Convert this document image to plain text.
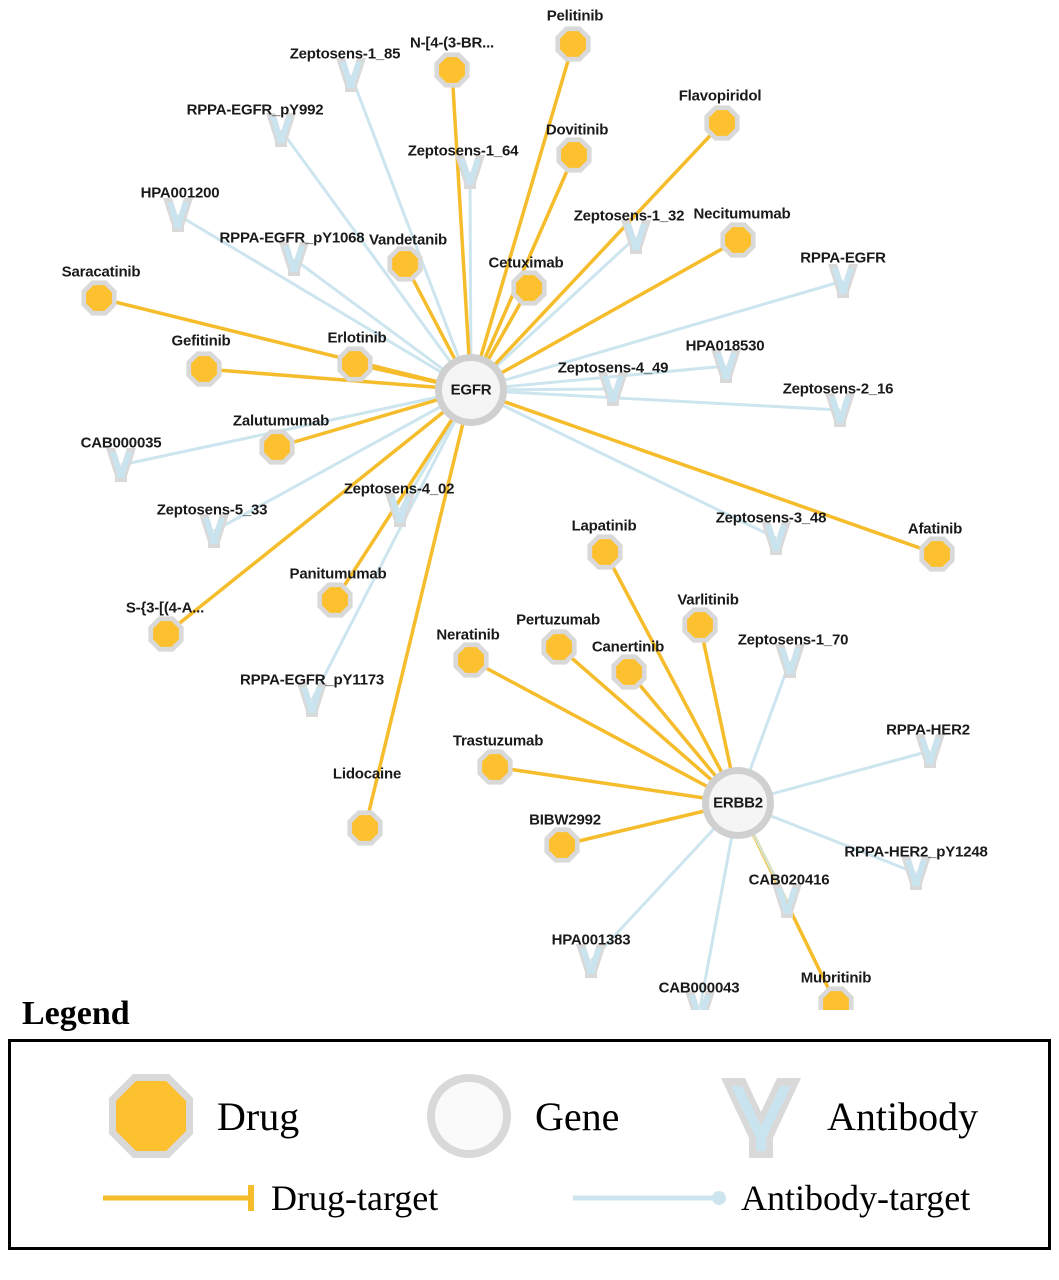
Zeptosens-1_85
RPPA-EGFR_pY992
Zeptosens-1_64
HPA001200
Zeptosens-1_32
RPPA-EGFR_pY1068
RPPA-EGFR
HPA018530
Zeptosens-4_49
Zeptosens-2_16
CAB000035
Zeptosens-4_02
Zeptosens-5_33	Zeptosens-3_48
Zeptosens-1_70
RPPA-EGFR_pY1173
RPPA-HER2
RPPA-HER2_pY1248
CAB020416
HPA001383
CAB000043
Pelitinib
N-[4-(3-BR...
Flavopiridol
Dovitinib
Necitumumab
Vandetanib
Cetuximab
Saracatinib
Gefitinib	Erlotinib
Zalutumumab
Afatinib
Lapatinib
Varlitinib
Panitumumab
S-{3-[(4-A...
Pertuzumab
Neratinib
Canertinib
Trastuzumab
Lidocaine
BIBW2992
Mubritinib
EGFR
ERBB2
Legend
Drug	Gene	Antibody
Drug-target	Antibody-target
